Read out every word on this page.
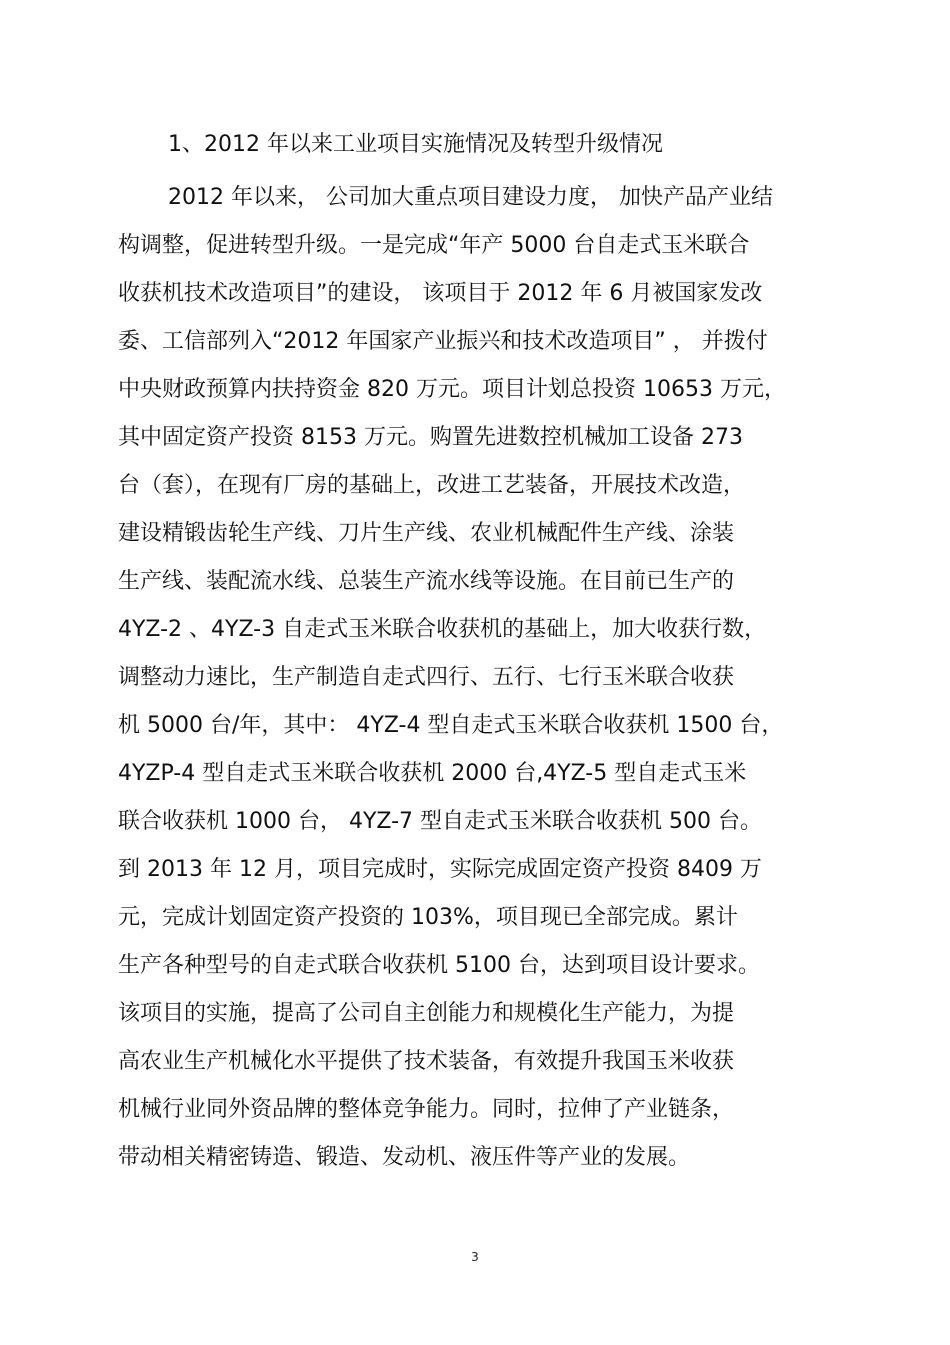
1、2012 年以来工业项目实施情况及转型升级情况
2012 年以来， 公司加大重点项目建设力度， 加快产品产业结
构调整，促进转型升级。一是完成“年产 5000 台自走式玉米联合
收获机技术改造项目”的建设， 该项目于 2012 年 6 月被国家发改
委、工信部列入“2012 年国家产业振兴和技术改造项目” ， 并拨付
中央财政预算内扶持资金 820 万元。项目计划总投资 10653 万元，
其中固定资产投资 8153 万元。购置先进数控机械加工设备 273
台（套），在现有厂房的基础上，改进工艺装备，开展技术改造，
建设精锻齿轮生产线、刀片生产线、农业机械配件生产线、涂装
生产线、装配流水线、总装生产流水线等设施。在目前已生产的
4YZ-2 、4YZ-3 自走式玉米联合收获机的基础上，加大收获行数，
调整动力速比，生产制造自走式四行、五行、七行玉米联合收获
机 5000 台/年，其中： 4YZ-4 型自走式玉米联合收获机 1500 台，
4YZP-4 型自走式玉米联合收获机 2000 台,4YZ-5 型自走式玉米
联合收获机 1000 台， 4YZ-7 型自走式玉米联合收获机 500 台。
到 2013 年 12 月，项目完成时，实际完成固定资产投资 8409 万
元，完成计划固定资产投资的 103%，项目现已全部完成。累计
生产各种型号的自走式联合收获机 5100 台，达到项目设计要求。
该项目的实施，提高了公司自主创能力和规模化生产能力，为提
高农业生产机械化水平提供了技术装备，有效提升我国玉米收获
机械行业同外资品牌的整体竞争能力。同时，拉伸了产业链条，
带动相关精密铸造、锻造、发动机、液压件等产业的发展。
3
